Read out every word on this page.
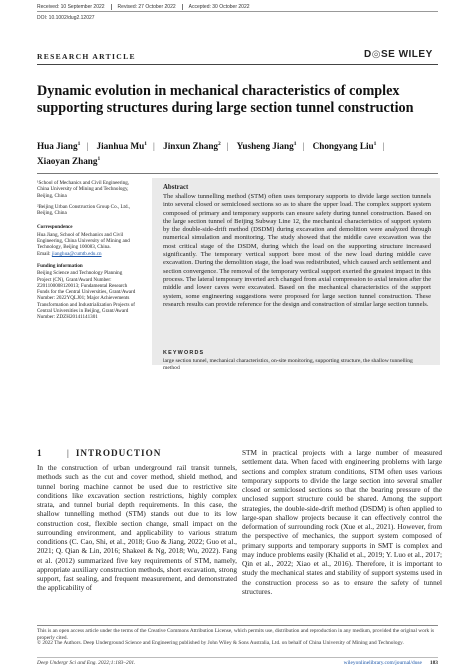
Received: 10 September 2022	Revised: 27 October 2022	Accepted: 30 October 2022
DOI: 10.1002/dug2.12027
RESEARCH ARTICLE	D◎SE WILEY
Dynamic evolution in mechanical characteristics of complex supporting structures during large section tunnel construction
Hua Jiang$^1$ | Jianhua Mu$^1$ | Jinxun Zhang$^2$ | Yusheng Jiang$^1$ | Chongyang Liu$^1$ |
Xiaoyan Zhang$^1$

¹School of Mechanics and Civil Engineering, China University of Mining and Technology, Beijing, China

²Beijing Urban Construction Group Co., Ltd., Beijing, China

Correspondence

Hua Jiang, School of Mechanics and Civil Engineering, China University of Mining and Technology, Beijing 100083, China.

Email: jianghua@cumtb.edu.cn

Funding information

Beijing Science and Technology Planning Project (CN), Grant/Award Number: Z201100008120013; Fundamental Research Funds for the Central Universities, Grant/Award Number: 2022YQLJ01; Major Achievements Transformation and Industrialization Projects of Central Universities in Beijing, Grant/Award Number: ZDZH20141141301

Abstract
The shallow tunnelling method (STM) often uses temporary supports to divide large section tunnels into several closed or semiclosed sections so as to share the upper load. The complex support system composed of primary and temporary supports can ensure safety during tunnel construction. Based on the large section tunnel of Beijing Subway Line 12, the mechanical characteristics of support system by the double-side-drift method (DSDM) during excavation and demolition were analyzed through numerical simulation and monitoring. The study showed that the middle cave excavation was the most critical stage of the DSDM, during which the load on the supporting structure increased significantly. The temporary vertical support bore most of the new load during middle cave excavation. During the demolition stage, the load was redistributed, which caused arch settlement and section convergence. The removal of the temporary vertical support exerted the greatest impact in this process. The lateral temporary inverted arch changed from axial compression to axial tension after the middle and lower caves were excavated. Based on the mechanical characteristics of the support system, some engineering suggestions were proposed for large section tunnel construction. These research results can provide reference for the design and construction of similar large section tunnels.
KEYWORDS
large section tunnel, mechanical characteristics, on-site monitoring, supporting structure, the shallow tunnelling method
1	| INTRODUCTION
In the construction of urban underground rail transit tunnels, methods such as the cut and cover method, shield method, and tunnel boring machine cannot be used due to restrictive site conditions like excavation section restrictions, highly complex strata, and tunnel burial depth requirements. In this case, the shallow tunnelling method (STM) stands out due to its low construction cost, flexible section change, small impact on the surrounding environment, and applicability to various stratum conditions (C. Cao, Shi, et al., 2018; Guo & Jiang, 2022; Guo et al., 2021; Q. Qian & Lin, 2016; Shakeel & Ng, 2018; Wu, 2022). Fang et al. (2012) summarized five key requirements of STM, namely, appropriate auxiliary construction methods, short excavation, strong support, fast sealing, and frequent measurement, and demonstrated the applicability of
STM in practical projects with a large number of measured settlement data. When faced with engineering problems with large sections and complex stratum conditions, STM often uses various temporary supports to divide the large section into several smaller closed or semiclosed sections so that the bearing pressure of the unclosed support structure could be shared. Among the support strategies, the double-side-drift method (DSDM) is often applied to large-span shallow projects because it can effectively control the deformation of surrounding rock (Xue et al., 2021). However, from the perspective of mechanics, the support system composed of primary supports and temporary supports in SMT is complex and may induce problems easily (Khalid et al., 2019; Y. Luo et al., 2017; Qin et al., 2022; Xiao et al., 2016). Therefore, it is important to study the mechanical states and stability of support systems used in the construction process so as to ensure the safety of tunnel structures.
This is an open access article under the terms of the Creative Commons Attribution License, which permits use, distribution and reproduction in any medium, provided the original work is properly cited.
© 2022 The Authors. Deep Underground Science and Engineering published by John Wiley & Sons Australia, Ltd. on behalf of China University of Mining and Technology.
Deep Undergr Sci and Eng. 2022;1:183–201.	wileyonlinelibrary.com/journal/duse 183
